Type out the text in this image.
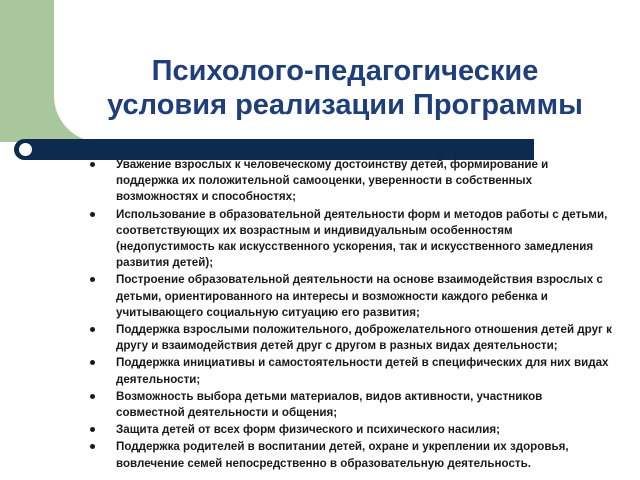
Психолого-педагогические
условия реализации Программы
Уважение взрослых к человеческому достоинству детей, формирование и поддержка их положительной самооценки, уверенности в собственных возможностях и способностях;
Использование в образовательной деятельности форм и методов работы с детьми, соответствующих их возрастным и индивидуальным особенностям (недопустимость как искусственного ускорения, так и искусственного замедления развития детей);
Построение образовательной деятельности на основе взаимодействия взрослых с детьми, ориентированного на интересы и возможности каждого ребенка и учитывающего социальную ситуацию его развития;
Поддержка взрослыми положительного, доброжелательного отношения детей друг к другу и взаимодействия детей друг с другом в разных видах деятельности;
Поддержка инициативы и самостоятельности детей в специфических для них видах деятельности;
Возможность выбора детьми материалов, видов активности, участников совместной деятельности и общения;
Защита детей от всех форм физического и психического насилия;
Поддержка родителей в воспитании детей, охране и укреплении их здоровья, вовлечение семей непосредственно в образовательную деятельность.
